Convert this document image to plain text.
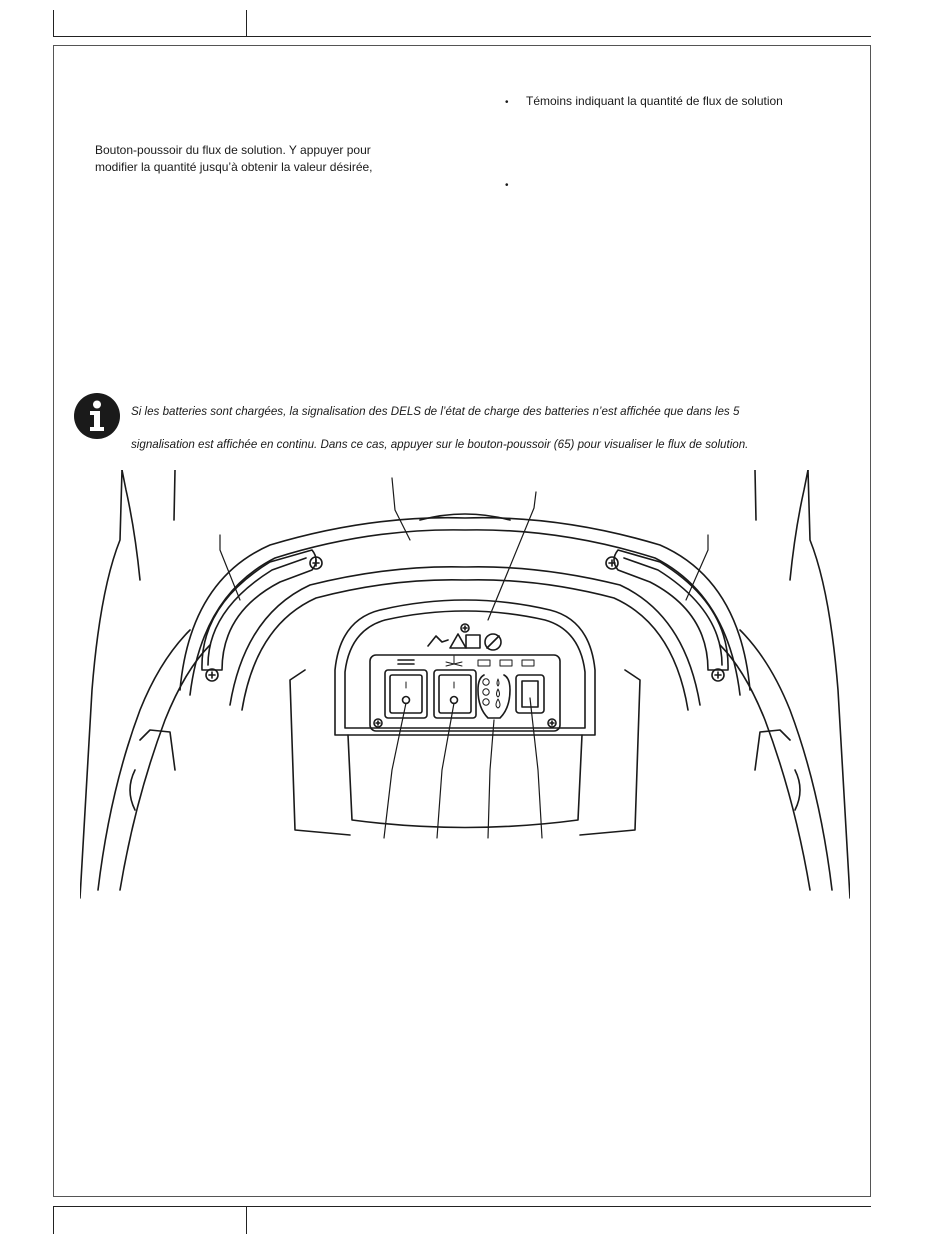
• Témoins indiquant la quantité de flux de solution
•
Bouton-poussoir du flux de solution. Y appuyer pour
modifier la quantité jusqu’à obtenir la valeur désirée,
Si les batteries sont chargées, la signalisation des DELS de l’état de charge des batteries n’est affichée que dans les 5
signalisation est affichée en continu. Dans ce cas, appuyer sur le bouton-poussoir (65) pour visualiser le flux de solution.
